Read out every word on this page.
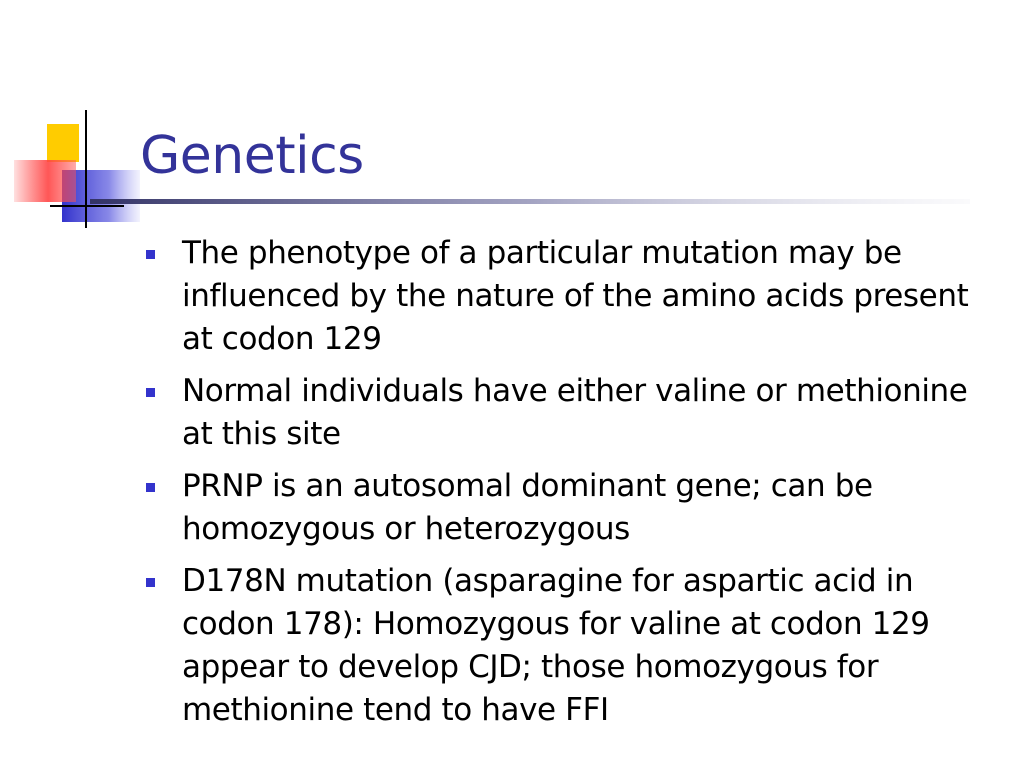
Genetics
The phenotype of a particular mutation may be influenced by the nature of the amino acids present at codon 129
Normal individuals have either valine or methionine at this site
PRNP is an autosomal dominant gene; can be homozygous or heterozygous
D178N mutation (asparagine for aspartic acid in codon 178): Homozygous for valine at codon 129 appear to develop CJD; those homozygous for methionine tend to have FFI
